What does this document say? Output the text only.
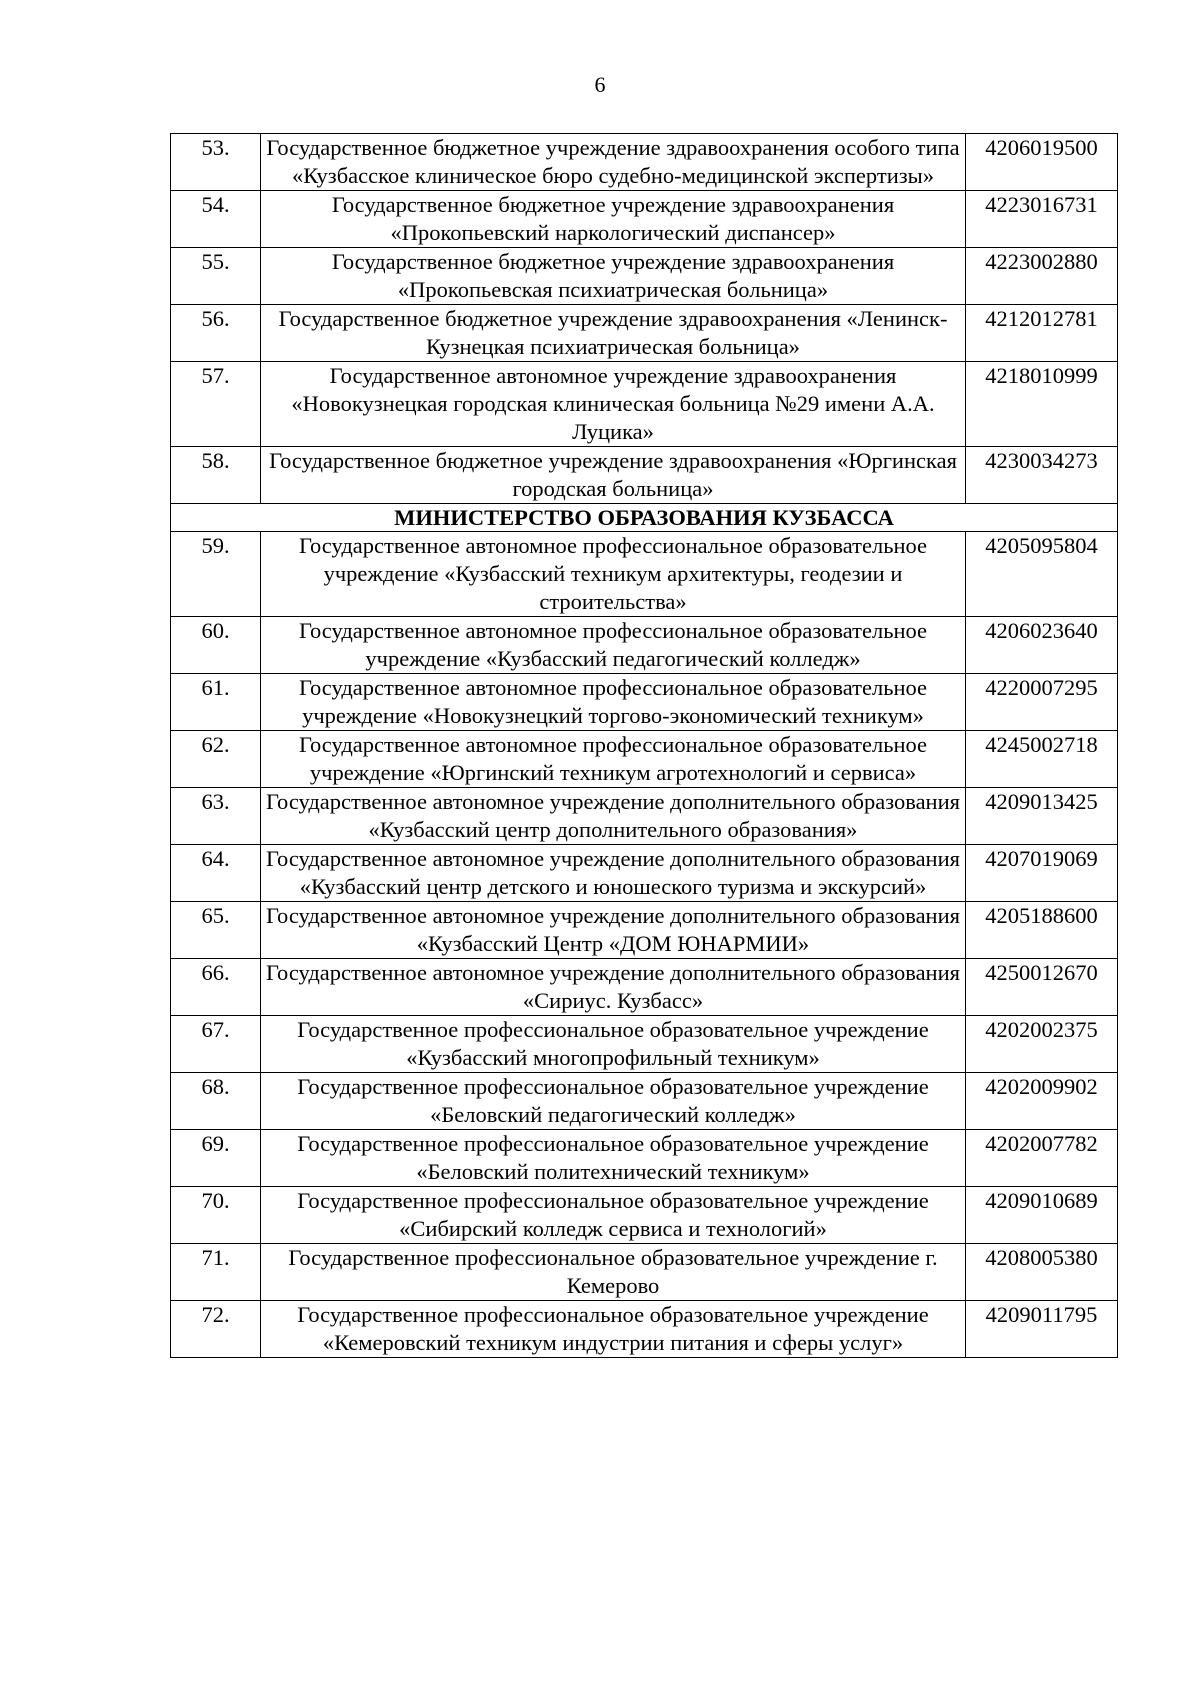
6
53.	Государственное бюджетное учреждение здравоохранения особого типа «Кузбасское клиническое бюро судебно-медицинской экспертизы»	4206019500
54.	Государственное бюджетное учреждение здравоохранения «Прокопьевский наркологический диспансер»	4223016731
55.	Государственное бюджетное учреждение здравоохранения «Прокопьевская психиатрическая больница»	4223002880
56.	Государственное бюджетное учреждение здравоохранения «Ленинск-Кузнецкая психиатрическая больница»	4212012781
57.	Государственное автономное учреждение здравоохранения «Новокузнецкая городская клиническая больница №29 имени А.А. Луцика»	4218010999
58.	Государственное бюджетное учреждение здравоохранения «Юргинская городская больница»	4230034273
МИНИСТЕРСТВО ОБРАЗОВАНИЯ КУЗБАССА		
59.	Государственное автономное профессиональное образовательное учреждение «Кузбасский техникум архитектуры, геодезии и строительства»	4205095804
60.	Государственное автономное профессиональное образовательное учреждение «Кузбасский педагогический колледж»	4206023640
61.	Государственное автономное профессиональное образовательное учреждение «Новокузнецкий торгово-экономический техникум»	4220007295
62.	Государственное автономное профессиональное образовательное учреждение «Юргинский техникум агротехнологий и сервиса»	4245002718
63.	Государственное автономное учреждение дополнительного образования «Кузбасский центр дополнительного образования»	4209013425
64.	Государственное автономное учреждение дополнительного образования «Кузбасский центр детского и юношеского туризма и экскурсий»	4207019069
65.	Государственное автономное учреждение дополнительного образования «Кузбасский Центр «ДОМ ЮНАРМИИ»	4205188600
66.	Государственное автономное учреждение дополнительного образования «Сириус. Кузбасс»	4250012670
67.	Государственное профессиональное образовательное учреждение «Кузбасский многопрофильный техникум»	4202002375
68.	Государственное профессиональное образовательное учреждение «Беловский педагогический колледж»	4202009902
69.	Государственное профессиональное образовательное учреждение «Беловский политехнический техникум»	4202007782
70.	Государственное профессиональное образовательное учреждение «Сибирский колледж сервиса и технологий»	4209010689
71.	Государственное профессиональное образовательное учреждение г. Кемерово	4208005380
72.	Государственное профессиональное образовательное учреждение «Кемеровский техникум индустрии питания и сферы услуг»	4209011795
